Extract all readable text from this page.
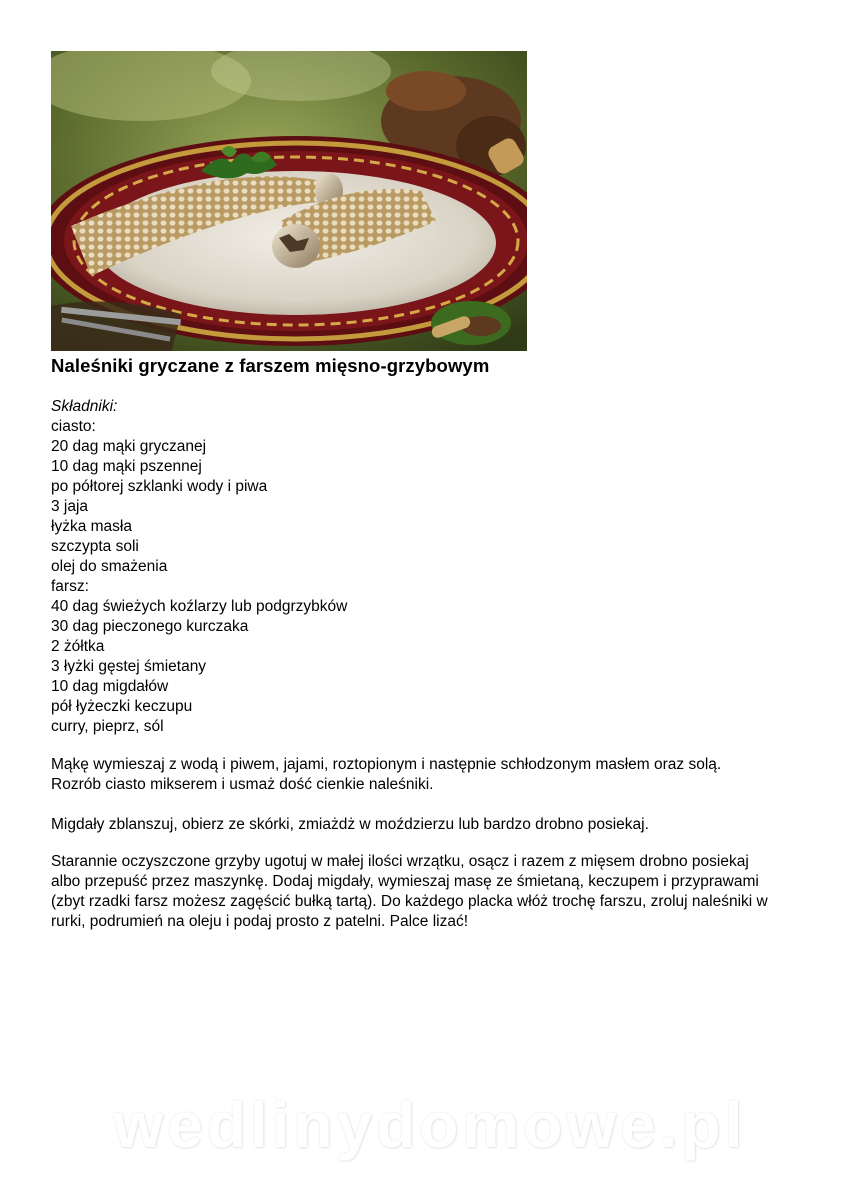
Naleśniki gryczane z farszem mięsno-grzybowym
Składniki:
ciasto:
20 dag mąki gryczanej
10 dag mąki pszennej
po półtorej szklanki wody i piwa
3 jaja
łyżka masła
szczypta soli
olej do smażenia
farsz:
40 dag świeżych koźlarzy lub podgrzybków
30 dag pieczonego kurczaka
2 żółtka
3 łyżki gęstej śmietany
10 dag migdałów
pół łyżeczki keczupu
curry, pieprz, sól

Mąkę wymieszaj z wodą i piwem, jajami, roztopionym i następnie schłodzonym masłem oraz solą. Rozrób ciasto mikserem i usmaż dość cienkie naleśniki.

Migdały zblanszuj, obierz ze skórki, zmiażdż w moździerzu lub bardzo drobno posiekaj.

Starannie oczyszczone grzyby ugotuj w małej ilości wrzątku, osącz i razem z mięsem drobno posiekaj albo przepuść przez maszynkę. Dodaj migdały, wymieszaj masę ze śmietaną, keczupem i przyprawami (zbyt rzadki farsz możesz zagęścić bułką tartą). Do każdego placka włóż trochę farszu, zroluj naleśniki w rurki, podrumień na oleju i podaj prosto z patelni. Palce lizać!

wedlinydomowe.pl
